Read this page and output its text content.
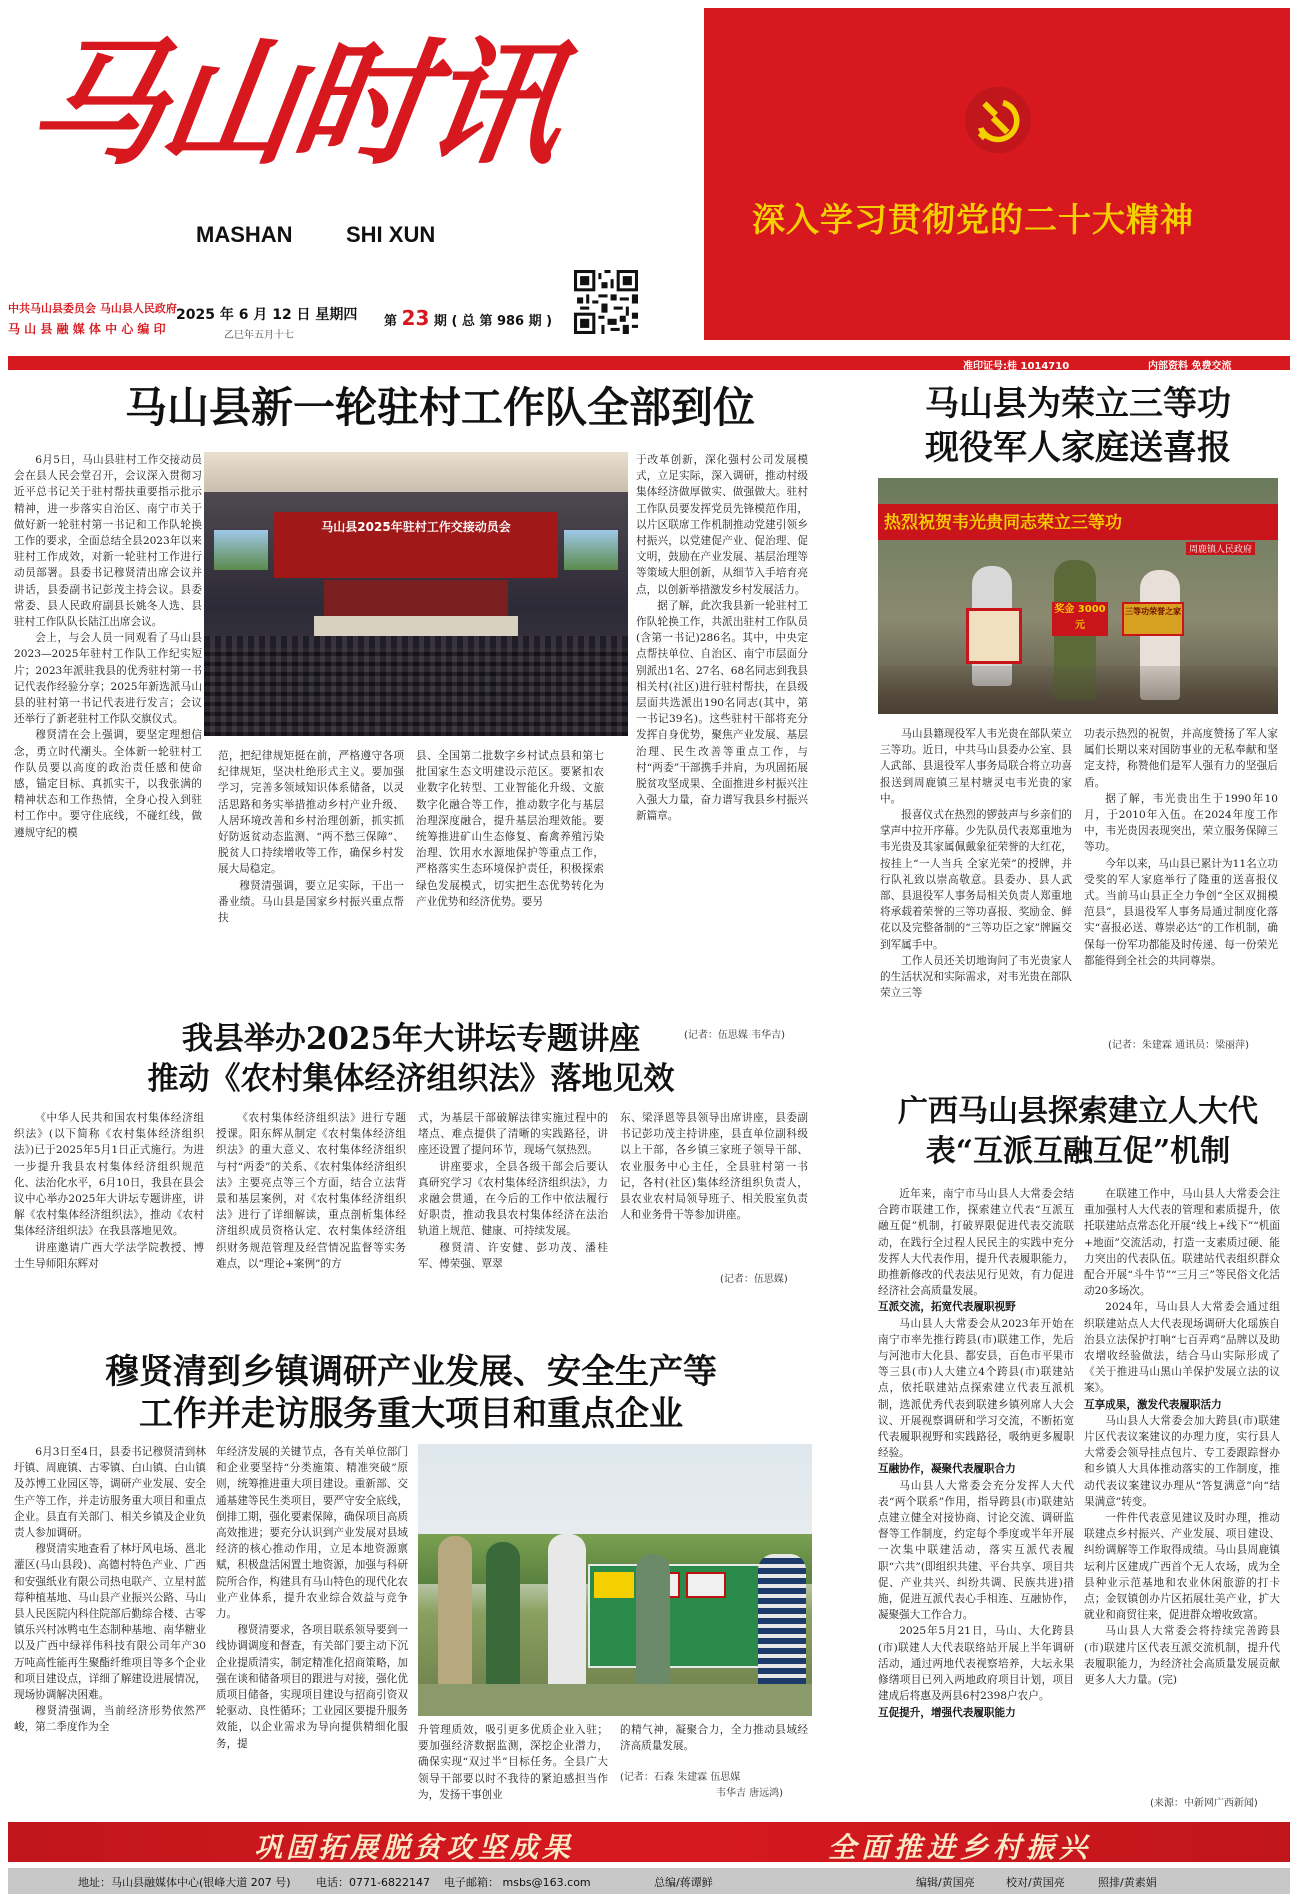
马山时讯
MASHAN SHI XUN
中共马山县委员会 马山县人民政府
马 山 县 融 媒 体 中 心 编 印
2025 年 6 月 12 日 星期四
乙巳年五月十七
第 23 期 ( 总 第 986 期 )
深入学习贯彻党的二十大精神
准印证号:桂 1014710	内部资料 免费交流
马山县新一轮驻村工作队全部到位

6月5日，马山县驻村工作交接动员会在县人民会堂召开，会议深入贯彻习近平总书记关于驻村帮扶重要指示批示精神，进一步落实自治区、南宁市关于做好新一轮驻村第一书记和工作队轮换工作的要求，全面总结全县2023年以来驻村工作成效，对新一轮驻村工作进行动员部署。县委书记穆贤清出席会议并讲话，县委副书记彭茂主持会议。县委常委、县人民政府副县长姚冬人选、县驻村工作队队长陆江出席会议。

会上，与会人员一同观看了马山县2023—2025年驻村工作队工作纪实短片；2023年派驻我县的优秀驻村第一书记代表作经验分享；2025年新选派马山县的驻村第一书记代表进行发言；会议还举行了新老驻村工作队交旗仪式。

穆贤清在会上强调，要坚定理想信念，勇立时代潮头。全体新一轮驻村工作队员要以高度的政治责任感和使命感，锚定目标、真抓实干，以我张满的精神状态和工作热情，全身心投入到驻村工作中。要守住底线，不碰红线，做遵规守纪的模

马山县2025年驻村工作交接动员会

范，把纪律规矩挺在前，严格遵守各项纪律规矩，坚决杜绝形式主义。要加强学习，完善多领域知识体系储备，以灵活思路和务实举措推动乡村产业升级、人居环境改善和乡村治理创新，抓实抓好防返贫动态监测、“两不愁三保障”、脱贫人口持续增收等工作，确保乡村发展大局稳定。

穆贤清强调，要立足实际，干出一番业绩。马山县是国家乡村振兴重点帮扶

县、全国第二批数字乡村试点县和第七批国家生态文明建设示范区。要紧扣农业数字化转型、工业智能化升级、文旅数字化融合等工作，推动数字化与基层治理深度融合，提升基层治理效能。要统筹推进矿山生态修复、畜禽养殖污染治理、饮用水水源地保护等重点工作，严格落实生态环境保护责任，积极探索绿色发展模式，切实把生态优势转化为产业优势和经济优势。要另

于改革创新，深化强村公司发展模式，立足实际，深入调研，推动村级集体经济做厚做实、做强做大。驻村工作队员要发挥党员先锋模范作用，以片区联席工作机制推动党建引领乡村振兴，以党建促产业、促治理、促文明，鼓励在产业发展、基层治理等等策域大胆创新，从细节入手培育亮点，以创新举措激发乡村发展活力。

据了解，此次我县新一轮驻村工作队轮换工作，共派出驻村工作队员(含第一书记)286名。其中，中央定点帮扶单位、自治区、南宁市层面分别派出1名、27名、68名同志到我县相关村(社区)进行驻村帮扶，在县级层面共选派出190名同志(其中，第一书记39名)。这些驻村干部将充分发挥自身优势，聚焦产业发展、基层治理、民生改善等重点工作，与村“两委”干部携手并肩，为巩固拓展脱贫攻坚成果、全面推进乡村振兴注入强大力量，奋力谱写我县乡村振兴新篇章。

(记者：伍思媒 韦华吉)
马山县为荣立三等功
现役军人家庭送喜报
热烈祝贺韦光贵同志荣立三等功
周鹿镇人民政府
奖金 3000元
三等功荣誉之家

马山县籍现役军人韦光贵在部队荣立三等功。近日，中共马山县委办公室、县人武部、县退役军人事务局联合将立功喜报送到周鹿镇三星村塘灵屯韦光贵的家中。

报喜仪式在热烈的锣鼓声与乡亲们的掌声中拉开序幕。少先队员代表郑重地为韦光贵及其家属佩戴象征荣誉的大红花，按挂上“一人当兵 全家光荣”的授牌，并行队礼致以崇高敬意。县委办、县人武部、县退役军人事务局相关负责人郑重地将承载着荣誉的三等功喜报、奖励金、鲜花以及完整备制的“三等功臣之家”牌匾交到军属手中。

工作人员还关切地询问了韦光贵家人的生活状况和实际需求，对韦光贵在部队荣立三等

功表示热烈的祝贺，并高度赞扬了军人家属们长期以来对国防事业的无私奉献和坚定支持，称赞他们是军人强有力的坚强后盾。

据了解，韦光贵出生于1990年10月，于2010年入伍。在2024年度工作中，韦光贵因表现突出，荣立服务保障三等功。

今年以来，马山县已累计为11名立功受奖的军人家庭举行了隆重的送喜报仪式。当前马山县正全力争创“全区双拥模范县”，县退役军人事务局通过制度化落实“喜报必送、尊崇必达”的工作机制，确保每一份军功都能及时传递、每一份荣光都能得到全社会的共同尊崇。

(记者：朱建霖 通讯员：梁丽萍)
我县举办2025年大讲坛专题讲座
推动《农村集体经济组织法》落地见效

《中华人民共和国农村集体经济组织法》(以下简称《农村集体经济组织法》)已于2025年5月1日正式施行。为进一步提升我县农村集体经济组织规范化、法治化水平，6月10日，我县在县会议中心举办2025年大讲坛专题讲座，讲解《农村集体经济组织法》，推动《农村集体经济组织法》在我县落地见效。

讲座邀请广西大学法学院教授、博士生导师阳东辉对

《农村集体经济组织法》进行专题授课。阳东辉从制定《农村集体经济组织法》的重大意义、农村集体经济组织与村“两委”的关系、《农村集体经济组织法》主要亮点等三个方面，结合立法背景和基层案例，对《农村集体经济组织法》进行了详细解读，重点剖析集体经济组织成员资格认定、农村集体经济组织财务规范管理及经营情况监督等实务难点，以“理论+案例”的方

式，为基层干部破解法律实施过程中的堵点、难点提供了清晰的实践路径，讲座还设置了提问环节，现场气氛热烈。

讲座要求，全县各级干部会后要认真研究学习《农村集体经济组织法》，力求融会贯通，在今后的工作中依法履行好职责，推动我县农村集体经济在法治轨道上规范、健康、可持续发展。

穆贤清、许安健、彭功茂、潘桂军、傅荣强、覃翠

东、梁泽恩等县领导出席讲座，县委副书记彭功茂主持讲座，县直单位副科级以上干部，各乡镇三家班子领导干部、农业服务中心主任，全县驻村第一书记，各村(社区)集体经济组织负责人，县农业农村局领导班子、相关股室负责人和业务骨干等参加讲座。

(记者：伍思媒)
广西马山县探索建立人大代
表“互派互融互促”机制

近年来，南宁市马山县人大常委会结合跨市联建工作，探索建立代表“互派互融互促”机制，打破界限促进代表交流联动，在践行全过程人民民主的实践中充分发挥人大代表作用，提升代表履职能力，助推新修改的代表法见行见效，有力促进经济社会高质量发展。

互派交流，拓宽代表履职视野

马山县人大常委会从2023年开始在南宁市率先推行跨县(市)联建工作，先后与河池市大化县、都安县，百色市平果市等三县(市)人大建立4个跨县(市)联建站点，依托联建站点探索建立代表互派机制，选派优秀代表到联建乡镇列席人大会议、开展视察调研和学习交流，不断拓宽代表履职视野和实践路径，吸纳更多履职经验。

互融协作，凝聚代表履职合力

马山县人大常委会充分发挥人大代表“两个联系”作用，指导跨县(市)联建站点建立健全对接协商、讨论交流、调研监督等工作制度，约定每个季度或半年开展一次集中联建活动，落实互派代表履职“六共”(即组织共建、平台共享、项目共促、产业共兴、纠纷共调、民族共进)措施，促进互派代表心手相连、互融协作，凝聚强大工作合力。

2025年5月21日，马山、大化跨县(市)联建人大代表联络站开展上半年调研活动，通过两地代表视察培养，大坛永果修缮项目已列入两地政府项目计划，项目建成后将惠及两县6村2398户农户。

互促提升，增强代表履职能力

在联建工作中，马山县人大常委会注重加强村人大代表的管理和素质提升，依托联建站点常态化开展“线上+线下”“机面+地面”交流活动，打造一支素质过硬、能力突出的代表队伍。联建站代表组织群众配合开展“斗牛节”“三月三”等民俗文化活动20多场次。

2024年，马山县人大常委会通过组织联建站点人大代表现场调研大化瑶族自治县立法保护打响“七百弄鸡”品牌以及助农增收经验做法，结合马山实际形成了《关于推进马山黑山羊保护发展立法的议案》。

互享成果，激发代表履职活力

马山县人大常委会加大跨县(市)联建片区代表议案建议的办理力度，实行县人大常委会领导挂点包片、专工委跟踪督办和乡镇人大具体推动落实的工作制度，推动代表议案建议办理从“答复满意”向“结果满意”转变。

一件件代表意见建议及时办理，推动联建点乡村振兴、产业发展、项目建设、纠纷调解等工作取得成绩。马山县周鹿镇坛利片区建成广西首个无人农场，成为全县种业示范基地和农业休闲旅游的打卡点；金钗镇创办片区拓展壮美产业，扩大就业和商贸往来，促进群众增收致富。

马山县人大常委会将持续完善跨县(市)联建片区代表互派交流机制，提升代表履职能力，为经济社会高质量发展贡献更多人大力量。(完)

(来源：中新网广西新闻)
穆贤清到乡镇调研产业发展、安全生产等
工作并走访服务重大项目和重点企业

6月3日至4日，县委书记穆贤清到林圩镇、周鹿镇、古零镇、白山镇、白山镇及苏博工业园区等，调研产业发展、安全生产等工作，并走访服务重大项目和重点企业。县直有关部门、相关乡镇及企业负责人参加调研。

穆贤清实地查看了林圩风电场、邕北灌区(马山县段)、高德村特色产业、广西和安强纸业有限公司热电联产、立星村蓝莓种植基地、马山县产业振兴公路、马山县人民医院内科住院部后勤综合楼、古零镇乐兴村冰鸭屯生态制种基地、南华糖业以及广西中绿祥伟科技有限公司年产30万吨高性能再生聚酯纤维项目等多个企业和项目建设点，详细了解建设进展情况，现场协调解决困难。

穆贤清强调，当前经济形势依然严峻，第二季度作为全

年经济发展的关键节点，各有关单位部门和企业要坚持“分类施策、精准突破”原则，统筹推进重大项目建设。重新部、交通基建等民生类项目，要严守安全底线，倒排工期，强化要素保障，确保项目高质高效推进；要充分认识到产业发展对县域经济的核心推动作用，立足本地资源禀赋，积极盘活闲置土地资源，加强与科研院所合作，构建具有马山特色的现代化农业产业体系，提升农业综合效益与竞争力。

穆贤清要求，各项目联系领导要到一线协调调度和督查，有关部门要主动下沉企业提质清实，制定精准化招商策略，加强在谈和储备项目的跟进与对接，强化优质项目储备，实现项目建设与招商引资双轮驱动、良性循环；工业园区要提升服务效能，以企业需求为导向提供精细化服务，提

升管理质效，吸引更多优质企业入驻；要加强经济数据监测，深挖企业潜力，确保实现“双过半”目标任务。全县广大领导干部要以时不我待的紧迫感担当作为，发扬干事创业

的精气神，凝聚合力，全力推动县域经济高质量发展。

(记者：石森 朱建霖 伍思媒
韦华吉 唐远鸿)
巩固拓展脱贫攻坚成果	全面推进乡村振兴
地址：马山县融媒体中心(银峰大道 207 号) 电话：0771-6822147 电子邮箱： msbs@163.com	总编/蒋谭鲜	编辑/黄国亮	校对/黄国亮	照排/黄素娟
